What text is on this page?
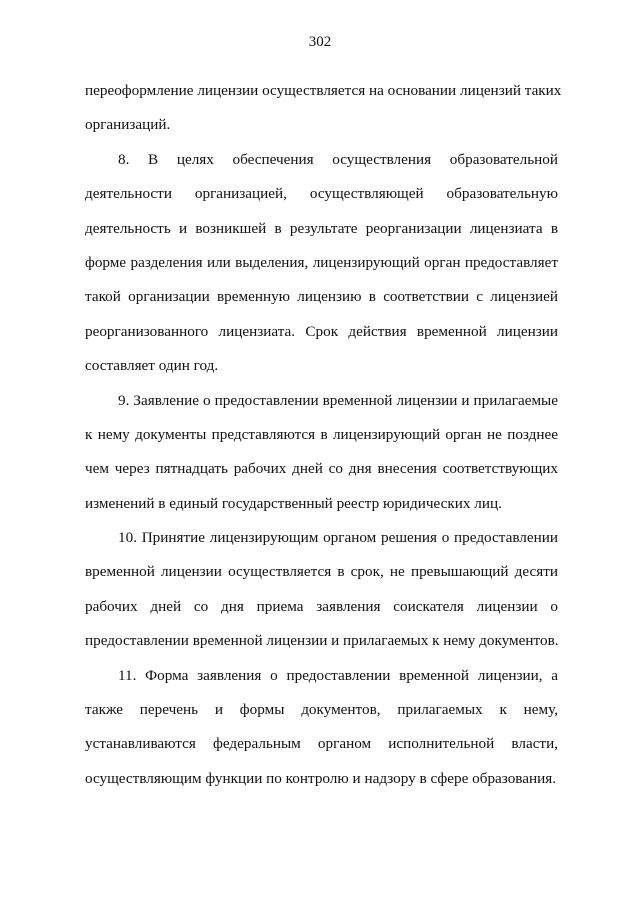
302
переоформление лицензии осуществляется на основании лицензий таких
организаций.
8. В целях обеспечения осуществления образовательной
деятельности организацией, осуществляющей образовательную
деятельность и возникшей в результате реорганизации лицензиата в
форме разделения или выделения, лицензирующий орган предоставляет
такой организации временную лицензию в соответствии с лицензией
реорганизованного лицензиата. Срок действия временной лицензии
составляет один год.
9. Заявление о предоставлении временной лицензии и прилагаемые
к нему документы представляются в лицензирующий орган не позднее
чем через пятнадцать рабочих дней со дня внесения соответствующих
изменений в единый государственный реестр юридических лиц.
10. Принятие лицензирующим органом решения о предоставлении
временной лицензии осуществляется в срок, не превышающий десяти
рабочих дней со дня приема заявления соискателя лицензии о
предоставлении временной лицензии и прилагаемых к нему документов.
11. Форма заявления о предоставлении временной лицензии, а
также перечень и формы документов, прилагаемых к нему,
устанавливаются федеральным органом исполнительной власти,
осуществляющим функции по контролю и надзору в сфере образования.
